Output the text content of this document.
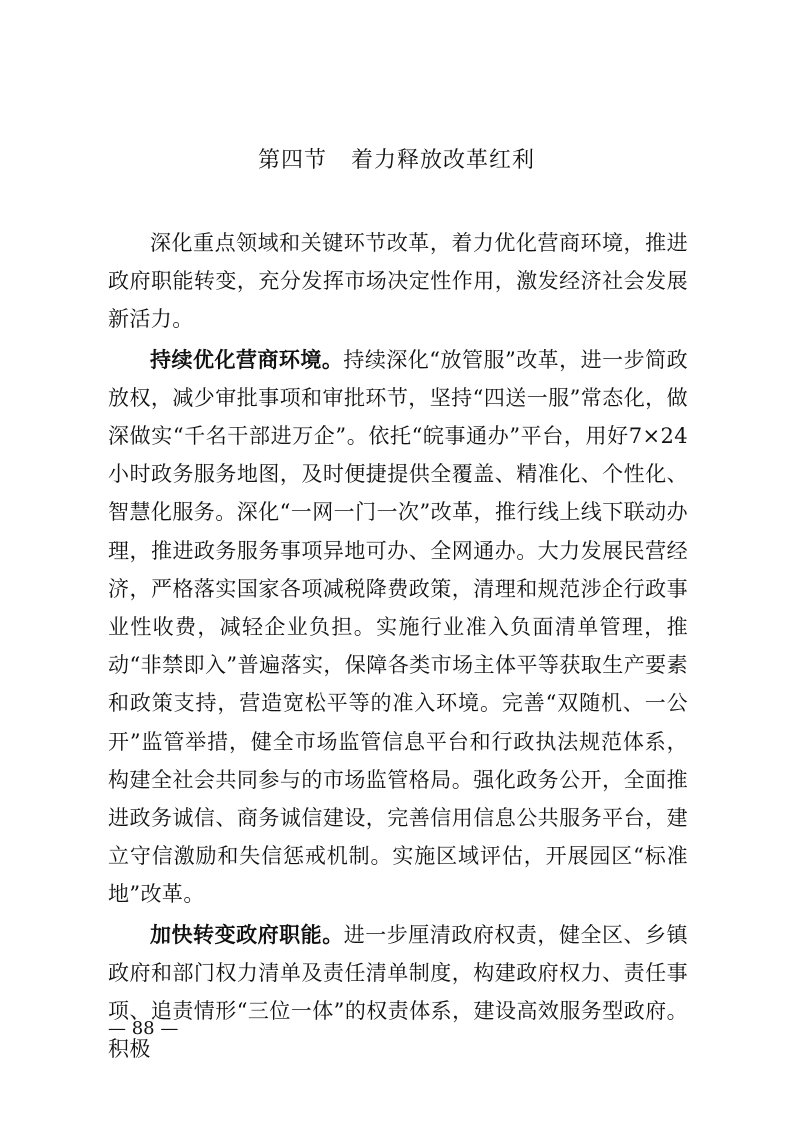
第四节 着力释放改革红利

深化重点领域和关键环节改革，着力优化营商环境，推进政府职能转变，充分发挥市场决定性作用，激发经济社会发展新活力。

持续优化营商环境。持续深化“放管服”改革，进一步简政放权，减少审批事项和审批环节，坚持“四送一服”常态化，做深做实“千名干部进万企”。依托“皖事通办”平台，用好7×24小时政务服务地图，及时便捷提供全覆盖、精准化、个性化、智慧化服务。深化“一网一门一次”改革，推行线上线下联动办理，推进政务服务事项异地可办、全网通办。大力发展民营经济，严格落实国家各项减税降费政策，清理和规范涉企行政事业性收费，减轻企业负担。实施行业准入负面清单管理，推动“非禁即入”普遍落实，保障各类市场主体平等获取生产要素和政策支持，营造宽松平等的准入环境。完善“双随机、一公开”监管举措，健全市场监管信息平台和行政执法规范体系，构建全社会共同参与的市场监管格局。强化政务公开，全面推进政务诚信、商务诚信建设，完善信用信息公共服务平台，建立守信激励和失信惩戒机制。实施区域评估，开展园区“标准地”改革。

加快转变政府职能。进一步厘清政府权责，健全区、乡镇政府和部门权力清单及责任清单制度，构建政府权力、责任事项、追责情形“三位一体”的权责体系，建设高效服务型政府。积极

— 88 —
